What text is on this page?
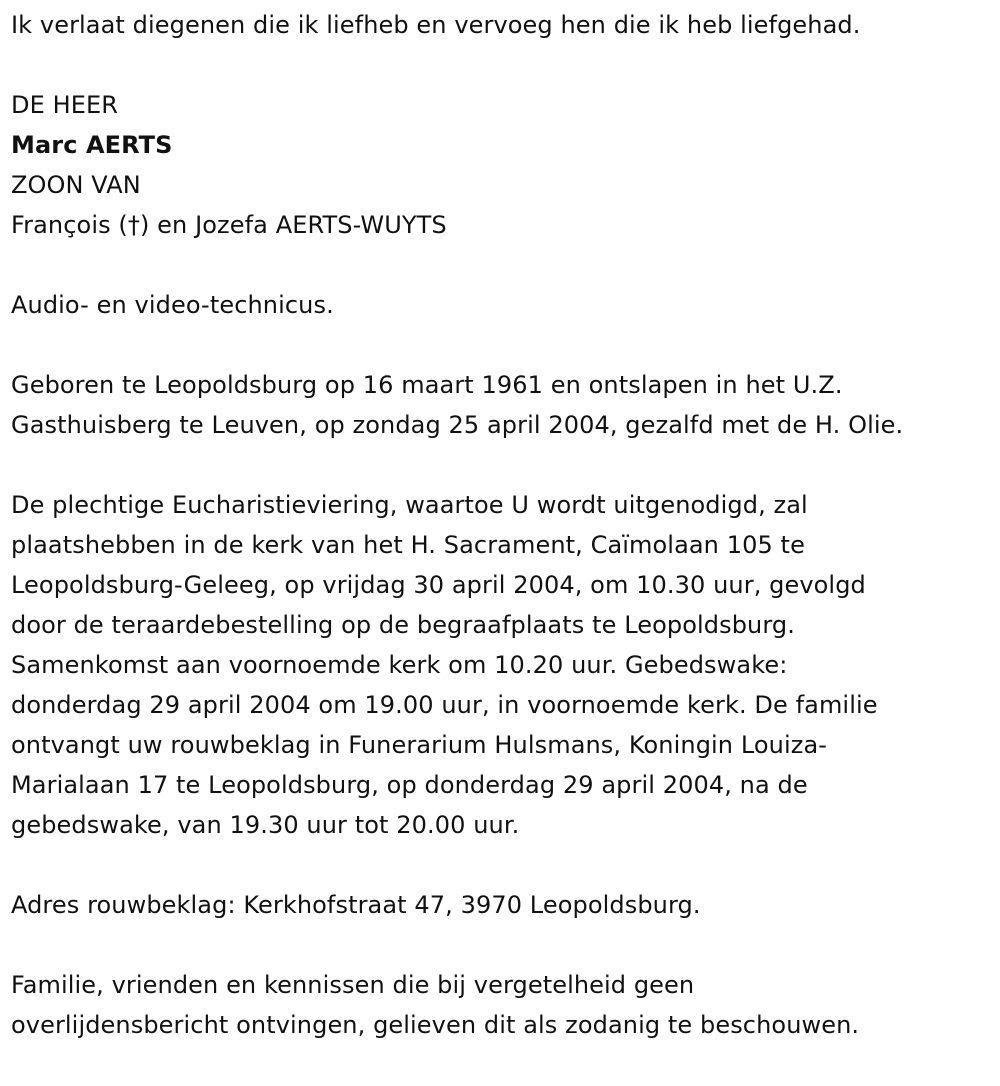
Ik verlaat diegenen die ik liefheb en vervoeg hen die ik heb liefgehad.
DE HEER
Marc AERTS
ZOON VAN
François (†) en Jozefa AERTS-WUYTS
Audio- en video-technicus.
Geboren te Leopoldsburg op 16 maart 1961 en ontslapen in het U.Z.
Gasthuisberg te Leuven, op zondag 25 april 2004, gezalfd met de H. Olie.
De plechtige Eucharistieviering, waartoe U wordt uitgenodigd, zal
plaatshebben in de kerk van het H. Sacrament, Caïmolaan 105 te
Leopoldsburg-Geleeg, op vrijdag 30 april 2004, om 10.30 uur, gevolgd
door de teraardebestelling op de begraafplaats te Leopoldsburg.
Samenkomst aan voornoemde kerk om 10.20 uur. Gebedswake:
donderdag 29 april 2004 om 19.00 uur, in voornoemde kerk. De familie
ontvangt uw rouwbeklag in Funerarium Hulsmans, Koningin Louiza-
Marialaan 17 te Leopoldsburg, op donderdag 29 april 2004, na de
gebedswake, van 19.30 uur tot 20.00 uur.
Adres rouwbeklag: Kerkhofstraat 47, 3970 Leopoldsburg.
Familie, vrienden en kennissen die bij vergetelheid geen
overlijdensbericht ontvingen, gelieven dit als zodanig te beschouwen.
